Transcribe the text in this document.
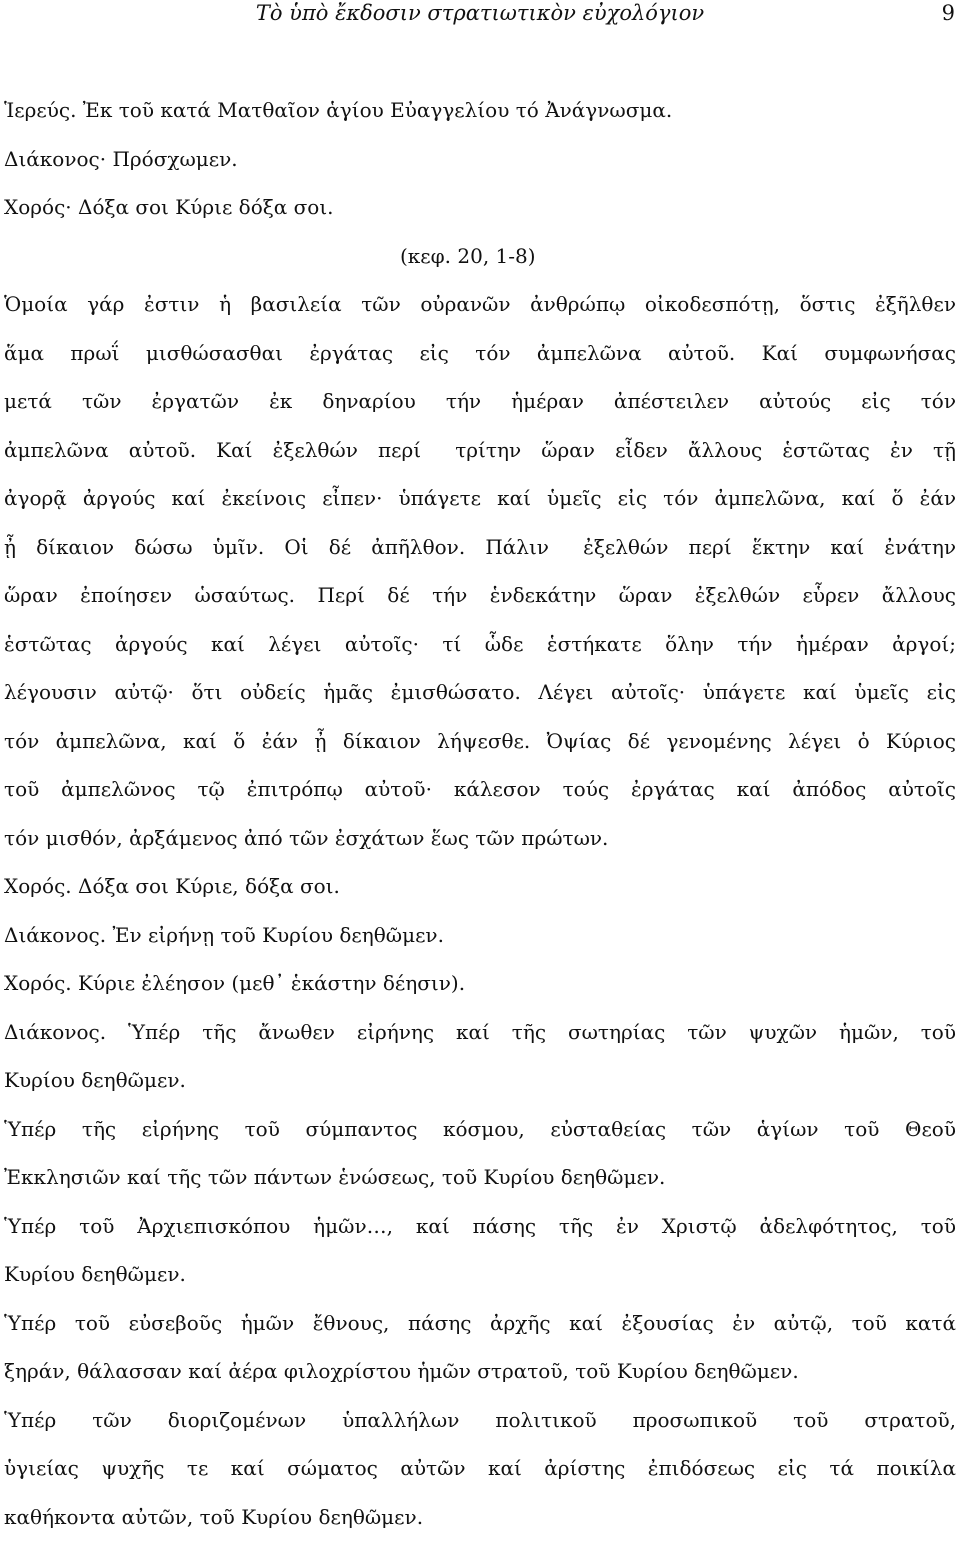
Τὸ ὑπὸ ἔκδοσιν στρατιωτικὸν εὐχολόγιον	9
Ἱερεύς. Ἐκ τοῦ κατά Ματθαῖον ἁγίου Εὐαγγελίου τό Ἀνάγνωσμα.
Διάκονος· Πρόσχωμεν.
Χορός· Δόξα σοι Κύριε δόξα σοι.
(κεφ. 20, 1-8)
Ὁμοία γάρ ἐστιν ἡ βασιλεία τῶν οὐρανῶν ἀνθρώπῳ οἰκοδεσπότῃ, ὅστις ἐξῆλθεν
ἅμα πρωΐ μισθώσασθαι ἐργάτας εἰς τόν ἀμπελῶνα αὐτοῦ. Καί συμφωνήσας
μετά τῶν ἐργατῶν ἐκ δηναρίου τήν ἡμέραν ἀπέστειλεν αὐτούς εἰς τόν
ἀμπελῶνα αὐτοῦ. Καί ἐξελθών περί τρίτην ὥραν εἶδεν ἄλλους ἑστῶτας ἐν τῇ
ἀγορᾷ ἀργούς καί ἐκείνοις εἶπεν· ὑπάγετε καί ὑμεῖς εἰς τόν ἀμπελῶνα, καί ὅ ἐάν
ᾖ δίκαιον δώσω ὑμῖν. Οἱ δέ ἀπῆλθον. Πάλιν ἐξελθών περί ἕκτην καί ἐνάτην
ὥραν ἐποίησεν ὡσαύτως. Περί δέ τήν ἑνδεκάτην ὥραν ἐξελθών εὗρεν ἄλλους
ἑστῶτας ἀργούς καί λέγει αὐτοῖς· τί ὧδε ἑστήκατε ὅλην τήν ἡμέραν ἀργοί;
λέγουσιν αὐτῷ· ὅτι οὐδείς ἡμᾶς ἐμισθώσατο. Λέγει αὐτοῖς· ὑπάγετε καί ὑμεῖς εἰς
τόν ἀμπελῶνα, καί ὅ ἐάν ᾖ δίκαιον λήψεσθε. Ὀψίας δέ γενομένης λέγει ὁ Κύριος
τοῦ ἀμπελῶνος τῷ ἐπιτρόπῳ αὐτοῦ· κάλεσον τούς ἐργάτας καί ἀπόδος αὐτοῖς
τόν μισθόν, ἀρξάμενος ἀπό τῶν ἐσχάτων ἕως τῶν πρώτων.
Χορός. Δόξα σοι Κύριε, δόξα σοι.
Διάκονος. Ἐν εἰρήνῃ τοῦ Κυρίου δεηθῶμεν.
Χορός. Κύριε ἐλέησον (μεθ᾽ ἑκάστην δέησιν).
Διάκονος. Ὑπέρ τῆς ἄνωθεν εἰρήνης καί τῆς σωτηρίας τῶν ψυχῶν ἡμῶν, τοῦ
Κυρίου δεηθῶμεν.
Ὑπέρ τῆς εἰρήνης τοῦ σύμπαντος κόσμου, εὐσταθείας τῶν ἁγίων τοῦ Θεοῦ
Ἐκκλησιῶν καί τῆς τῶν πάντων ἑνώσεως, τοῦ Κυρίου δεηθῶμεν.
Ὑπέρ τοῦ Ἀρχιεπισκόπου ἡμῶν…, καί πάσης τῆς ἐν Χριστῷ ἀδελφότητος, τοῦ
Κυρίου δεηθῶμεν.
Ὑπέρ τοῦ εὐσεβοῦς ἡμῶν ἔθνους, πάσης ἀρχῆς καί ἐξουσίας ἐν αὐτῷ, τοῦ κατά
ξηράν, θάλασσαν καί ἀέρα φιλοχρίστου ἡμῶν στρατοῦ, τοῦ Κυρίου δεηθῶμεν.
Ὑπέρ τῶν διοριζομένων ὑπαλλήλων πολιτικοῦ προσωπικοῦ τοῦ στρατοῦ,
ὑγιείας ψυχῆς τε καί σώματος αὐτῶν καί ἀρίστης ἐπιδόσεως εἰς τά ποικίλα
καθήκοντα αὐτῶν, τοῦ Κυρίου δεηθῶμεν.
